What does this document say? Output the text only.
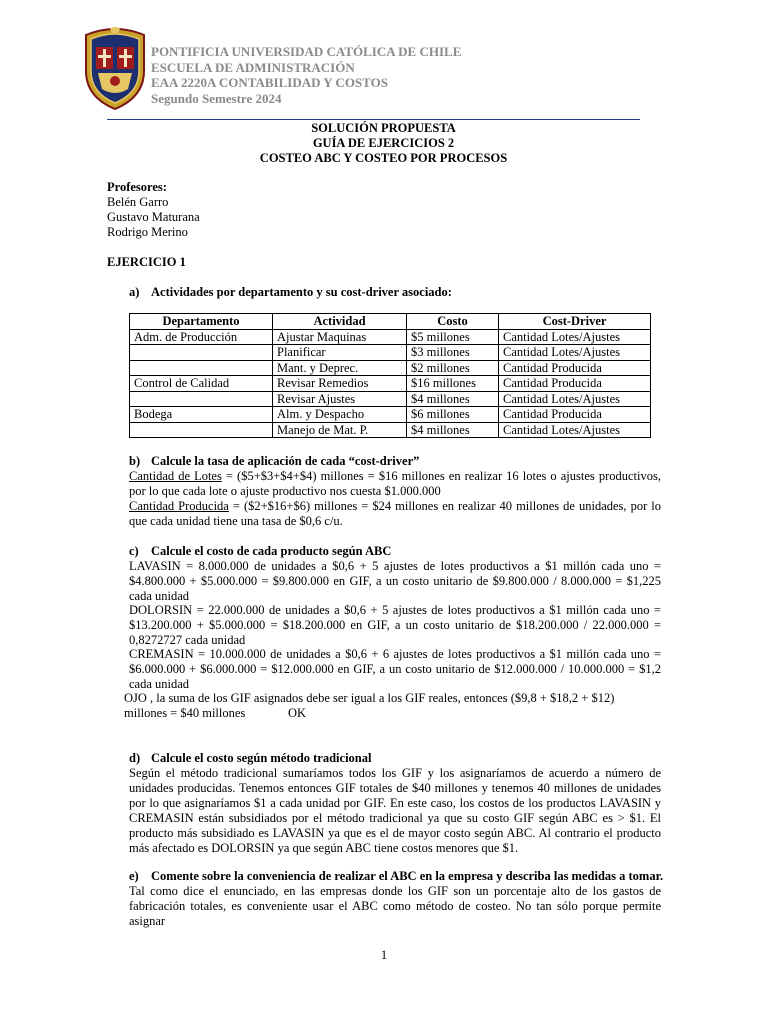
PONTIFICIA UNIVERSIDAD CATÓLICA DE CHILE
ESCUELA DE ADMINISTRACIÓN
EAA 2220A CONTABILIDAD Y COSTOS
Segundo Semestre 2024
SOLUCIÓN PROPUESTA
GUÍA DE EJERCICIOS 2
COSTEO ABC Y COSTEO POR PROCESOS
Profesores:
Belén Garro
Gustavo Maturana
Rodrigo Merino
EJERCICIO 1
a) Actividades por departamento y su cost-driver asociado:
Departamento	Actividad	Costo	Cost-Driver
Adm. de Producción	Ajustar Maquinas	$5 millones	Cantidad Lotes/Ajustes
	Planificar	$3 millones	Cantidad Lotes/Ajustes
	Mant. y Deprec.	$2 millones	Cantidad Producida
Control de Calidad	Revisar Remedios	$16 millones	Cantidad Producida
	Revisar Ajustes	$4 millones	Cantidad Lotes/Ajustes
Bodega	Alm. y Despacho	$6 millones	Cantidad Producida
	Manejo de Mat. P.	$4 millones	Cantidad Lotes/Ajustes
b) Calcule la tasa de aplicación de cada “cost-driver”
Cantidad de Lotes = ($5+$3+$4+$4) millones = $16 millones en realizar 16 lotes o ajustes productivos, por lo que cada lote o ajuste productivo nos cuesta $1.000.000
Cantidad Producida = ($2+$16+$6) millones = $24 millones en realizar 40 millones de unidades, por lo que cada unidad tiene una tasa de $0,6 c/u.
c) Calcule el costo de cada producto según ABC
LAVASIN = 8.000.000 de unidades a $0,6 + 5 ajustes de lotes productivos a $1 millón cada uno = $4.800.000 + $5.000.000 = $9.800.000 en GIF, a un costo unitario de $9.800.000 / 8.000.000 = $1,225 cada unidad
DOLORSIN = 22.000.000 de unidades a $0,6 + 5 ajustes de lotes productivos a $1 millón cada uno = $13.200.000 + $5.000.000 = $18.200.000 en GIF, a un costo unitario de $18.200.000 / 22.000.000 = 0,8272727 cada unidad
CREMASIN = 10.000.000 de unidades a $0,6 + 6 ajustes de lotes productivos a $1 millón cada uno = $6.000.000 + $6.000.000 = $12.000.000 en GIF, a un costo unitario de $12.000.000 / 10.000.000 = $1,2 cada unidad
OJO , la suma de los GIF asignados debe ser igual a los GIF reales, entonces ($9,8 + $18,2 + $12)
millones = $40 millones	OK
d) Calcule el costo según método tradicional
Según el método tradicional sumaríamos todos los GIF y los asignaríamos de acuerdo a número de unidades producidas. Tenemos entonces GIF totales de $40 millones y tenemos 40 millones de unidades por lo que asignaríamos $1 a cada unidad por GIF. En este caso, los costos de los productos LAVASIN y CREMASIN están subsidiados por el método tradicional ya que su costo GIF según ABC es > $1. El producto más subsidiado es LAVASIN ya que es el de mayor costo según ABC. Al contrario el producto más afectado es DOLORSIN ya que según ABC tiene costos menores que $1.
e) Comente sobre la conveniencia de realizar el ABC en la empresa y describa las medidas a tomar.
Tal como dice el enunciado, en las empresas donde los GIF son un porcentaje alto de los gastos de fabricación totales, es conveniente usar el ABC como método de costeo. No tan sólo porque permite asignar
1
